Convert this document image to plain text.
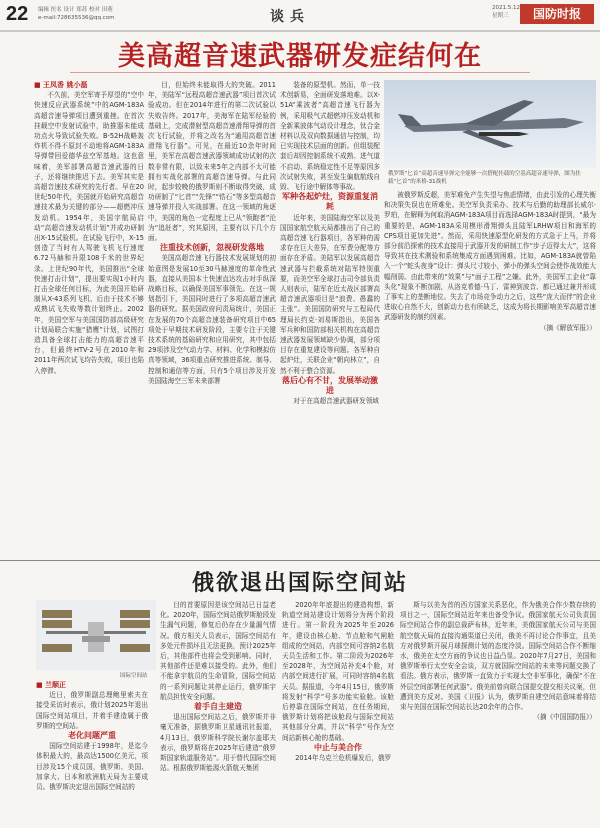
22 编辑 医名 设计 郑苏 校对 田萌
e-mail:728635536@qq.com	谈兵
2021.5.12
星期三	国防时报
美高超音速武器研发症结何在

■ 王凤香 姚小磊

不久前，美空军寄予厚望的“空中快速反应武器系统”中的AGM-183A高超音速导弹项目遭到重挫。在首次挂载空中发射试验中，助推器未能成功点火导致试验失败。B-52H战略轰炸机不得不原封不动地将AGM-183A导弹带回爱德华兹空军基地。这也意味着，美军部署高超音速武器的日子，还将继续推迟下去。美军其实是高超音速技术研究的先行者。早在20世纪50年代，美国就开始研究高超音速技术最为关键的部分——超燃冲压发动机。1954年，美国宇航局启动“高超音速发动机计划”并成功研制出X-15试验机。在试验飞行中，X-15创造了当时有人驾驶飞机飞行速度6.72马赫和升限108千米的世界纪录。上世纪90年代，美国推出“全球快速打击计划”，提出要实现1小时内打击全球任何目标，为此美国开始研制从X-43系列飞机、后由于技术不够成熟试飞失败等数计划终止。2002年，美国空军与美国国防部高级研究计划局联合实施“猎鹰”计划，试图打造具备全球打击能力的高超音速平台，但最终HTV-2号在2010年和2011年两次试飞均告失败，项目也陷入停滞。

目，但始终未能取得大的突破。2011年，美陆军“远程高超音速武器”项目首次试验成功。但在2014年进行的第二次试验以失败告终。2017年，美海军在陆军经验的基础上，完成潜射型高超音速滑翔导弹的首次飞行试验，并将之改名为“通用高超音速滑翔飞行器”。可见，在最近10余年时间里，美军在高超音速武器领域成功试射的次数非常有限，以致未来5年之内部不太可能拥有实战化部署的高超音速导弹。与此同时，起步较晚的俄罗斯则不断取得突破，成功研制了“匕首”“先锋”“锆石”等多型高超音速导弹并投入实战部署。在这一领域的角逐中，美国的角色一定程度上已从“领跑者”沦为“追赶者”，究其原因，主要有以下几个方面。

注重技术创新，忽视研发落地

美国高超音速飞行器技术发展规划的初始意图是发展10至30马赫速度的革命性武器，直接从美国本土快速直达攻击对手纵深战略目标，以确保美国军事领先。在这一规划指引下，美国同时进行了多项高超音速武器的研究。据美国政府问责局统计，美国正在发展的70个高超音速装备研究项目中65项处于早期技术研发阶段，主要专注于关键技术系统的基础研究和应用研究，其中包括29项涉及空气动力学、材料、化学和模拟仿真等领域，36项重点研究推进系统、制导、控制和通信等方面，只有5个项目涉及开发美国陆海空三军未来部署

装备的原型机。然而，单一技术创新易，全面研发落地难。以X-51A“乘波者”高超音速飞行器为例，采用吸气式超燃冲压发动机和全新乘波体气动设计理念，钛合金材料以及双向数据通信与控制，均已实现技术层面的创新。但组装配套后却因控制系统不成熟、进气道不启动、系统稳定性不足等原因多次试射失败，甚至发生偏航航线自毁、飞行途中解体等事故。

军种各起炉灶，资源重复消耗

近年来，美国陆海空军以及美国国家航空航天局都推出了自己的高超音速飞行器项目，各军种的需求存在巨大差异，在军费分配等方面存在矛盾。美陆军以发展高超音速武器与拦截系统对陆军特别重要，而美空军全球打击司令部负责人则表示，陆军在近太战区部署高超音速武器项目是“浪费、愚蠢的主张”。美国国防研究与工程局代理局长约克·刘易斯指出，美国各军兵种和国防部相关机构在高超音速武器发展领域缺少协调，部分项目存在重复建设等问题。各军种自起炉灶，关联企业“朝向林立”，自然不利于整合资源。

落后心有不甘，发展举动激进

对于在高超音速武器研发领域

俄罗斯“匕首”高超音速导弹完全能够一次搭配挂载的空基高超音速导弹，图为挂载“匕首”的米格-31战机

被俄罗斯反超，美军难免产生失望与焦虑情绪，由此引发的心理失衡和决策失误也在所难免。美空军负责采办、技术与后勤的助理部长威尔·罗珀，在解释为何取消AGM-183A项目而选择AGM-183A时提到，“最为重要的是，AGM-183A采用模形滑翔弹头且陆军LRHW项目和海军的CPS项目更加先进”。然而，采用快速原型化研发的方式急于上马，并将部分前沿探索的技术直接用于武器开发的研制工作“步子迈得太大”，这将导致其在技术测验和系统集成方面遇到困难。比如，AGM-183A就曾陷入一个“蛇头夜身”设计：弹头尺寸较小，弹小的弹头空间会使作战效能大幅削弱。由此带来的“效果”与“面子工程”之嫌。此外，美国军工企业“靠头化”现象不断加剧，从洛克希德·马丁、雷神到波音、都已通过兼并形成了事实上的垄断地位。失去了市场竞争动力之后，这些“庞大而伴”的企业进取心自然不大，创新动力也有所缺乏，这成为将长期影响美军高超音速武器研发的制约因素。

（摘《解放军报》）

俄欲退出国际空间站
国际空间站

■ 兰顺正

近日，俄罗斯副总理鲍里索夫在接受采访时表示，俄计划2025年退出国际空间站项目，并着手建造属于俄罗斯的空间站。

老化问题严重

国际空间站建于1998年，是迄今体积最大的，最高达1500亿美元，项目涉及15个成员国，俄罗斯、美国、加拿大、日本和欧洲航天局为主要成员。俄罗斯决定退出国际空间站的

目的首要原因是该空间站已日益老化。2020年，国际空间站俄罗斯舱段发生漏气问题，修复后仍存在少量漏气情况。俄方相关人员表示，国际空间站有多处元件损坏且无法更换，预计2025年后，其他部件也将会受到影响。同时，其他部件还是难以接受的。此外，他们不能拿宇航员的生命冒险，国际空间站的一系列问题让其停止运行，俄罗斯宇航员担忧安全问题。

着手自主建造

退出国际空间站之后，俄罗斯并非毫无准备，据俄罗斯卫星通讯社报道，4月13日，俄罗斯科学院长谢尔盖耶夫表示，俄罗斯将在2025年后建造“俄罗斯国家轨道服务站”。用于替代国际空间站。根据俄罗斯能源火箭航天集团

2020年年底提出的建造构想，新轨道空间站建设计划将分为两个阶段进行。第一阶段为2025年至2026年，建设由核心舱、节点舱和气闸舱组成的空间站，内部空间可容纳2名航天员生活和工作。第二阶段为2026年至2028年，为空间站补充4个舱，对内部空间进行扩展，可同时容纳4名航天员。据报道，今年4月15日，俄罗斯将发射“科学”号多功能实验舱。该舱后停靠在国际空间站，在任务期间，俄罗斯计划将把该舱段与国际空间站其他部分分离，并以“科学”号作为空间站新核心舱的基础。

中止与美合作

2014年乌克兰危机爆发后，俄罗

斯与以美为首的西方国家关系恶化，作为俄美合作少数存续的项目之一，国际空间站近年来也备受争议。俄国家航天公司负责国际空间站合作的副总裁萨布林，近年来，美俄国家航天公司与美国航空航天局的直接沟通渠道已关闭，俄美不再讨论合作事宜，且美方对俄罗斯开展月球探测计划的态度冷淡。国际空间站合作不断缩水，俄美在太空方面的争议也日益凸显。2020年7月27日，美国和俄罗斯举行太空安全会谈，双方就国际空间站的未来等问题交换了看法。俄方表示，俄罗斯一直致力于实现太空非军事化，确保“不在外层空间部署任何武器”。俄美前曾向联合国提交提交相关议案，但遭到美方反对。美国《卫报》认为，俄罗斯自建空间站意味着将结束与美国在国际空间站长达20余年的合作。

（摘《中国国防报》）
